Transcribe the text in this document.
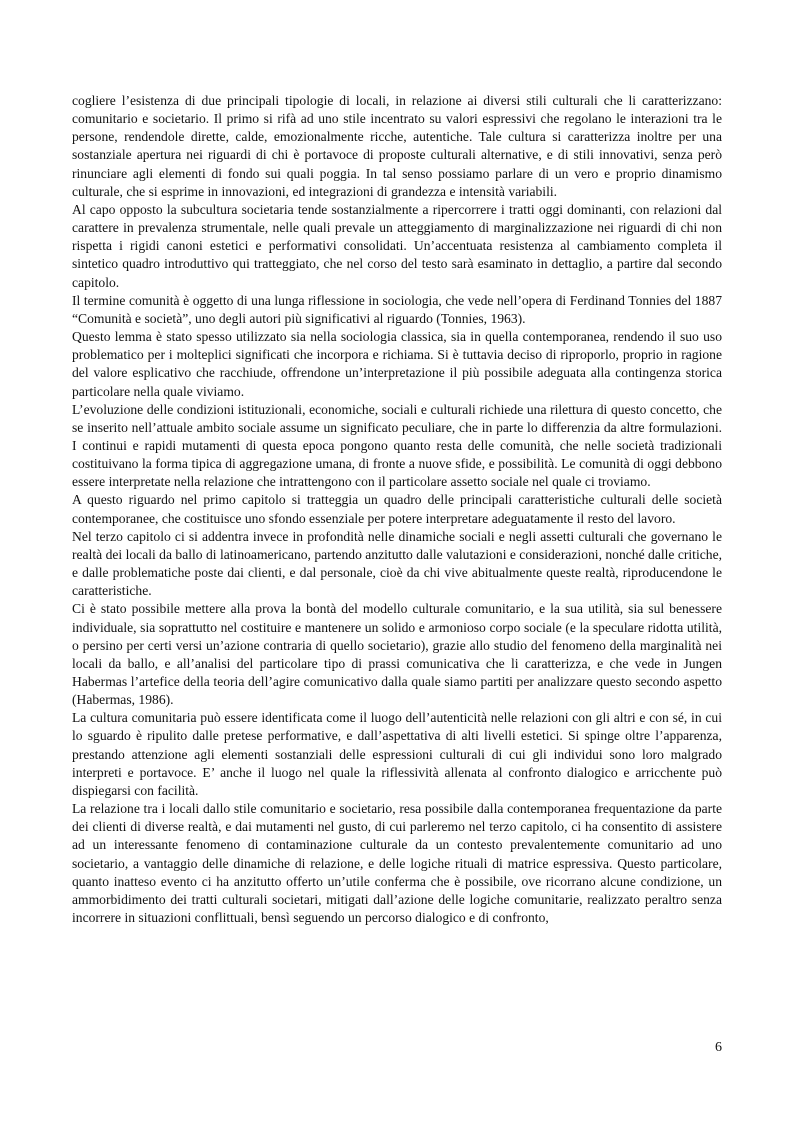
cogliere l’esistenza di due principali tipologie di locali, in relazione ai diversi stili culturali che li caratterizzano: comunitario e societario. Il primo si rifà ad uno stile incentrato su valori espressivi che regolano le interazioni tra le persone, rendendole dirette, calde, emozionalmente ricche, autentiche. Tale cultura si caratterizza inoltre per una sostanziale apertura nei riguardi di chi è portavoce di proposte culturali alternative, e di stili innovativi, senza però rinunciare agli elementi di fondo sui quali poggia. In tal senso possiamo parlare di un vero e proprio dinamismo culturale, che si esprime in innovazioni, ed integrazioni di grandezza e intensità variabili.

Al capo opposto la subcultura societaria tende sostanzialmente a ripercorrere i tratti oggi dominanti, con relazioni dal carattere in prevalenza strumentale, nelle quali prevale un atteggiamento di marginalizzazione nei riguardi di chi non rispetta i rigidi canoni estetici e performativi consolidati. Un’accentuata resistenza al cambiamento completa il sintetico quadro introduttivo qui tratteggiato, che nel corso del testo sarà esaminato in dettaglio, a partire dal secondo capitolo.

Il termine comunità è oggetto di una lunga riflessione in sociologia, che vede nell’opera di Ferdinand Tonnies del 1887 “Comunità e società”, uno degli autori più significativi al riguardo (Tonnies, 1963).

Questo lemma è stato spesso utilizzato sia nella sociologia classica, sia in quella contemporanea, rendendo il suo uso problematico per i molteplici significati che incorpora e richiama. Si è tuttavia deciso di riproporlo, proprio in ragione del valore esplicativo che racchiude, offrendone un’interpretazione il più possibile adeguata alla contingenza storica particolare nella quale viviamo.

L’evoluzione delle condizioni istituzionali, economiche, sociali e culturali richiede una rilettura di questo concetto, che se inserito nell’attuale ambito sociale assume un significato peculiare, che in parte lo differenzia da altre formulazioni. I continui e rapidi mutamenti di questa epoca pongono quanto resta delle comunità, che nelle società tradizionali costituivano la forma tipica di aggregazione umana, di fronte a nuove sfide, e possibilità. Le comunità di oggi debbono essere interpretate nella relazione che intrattengono con il particolare assetto sociale nel quale ci troviamo.

A questo riguardo nel primo capitolo si tratteggia un quadro delle principali caratteristiche culturali delle società contemporanee, che costituisce uno sfondo essenziale per potere interpretare adeguatamente il resto del lavoro.

Nel terzo capitolo ci si addentra invece in profondità nelle dinamiche sociali e negli assetti culturali che governano le realtà dei locali da ballo di latinoamericano, partendo anzitutto dalle valutazioni e considerazioni, nonché dalle critiche, e dalle problematiche poste dai clienti, e dal personale, cioè da chi vive abitualmente queste realtà, riproducendone le caratteristiche.

Ci è stato possibile mettere alla prova la bontà del modello culturale comunitario, e la sua utilità, sia sul benessere individuale, sia soprattutto nel costituire e mantenere un solido e armonioso corpo sociale (e la speculare ridotta utilità, o persino per certi versi un’azione contraria di quello societario), grazie allo studio del fenomeno della marginalità nei locali da ballo, e all’analisi del particolare tipo di prassi comunicativa che li caratterizza, e che vede in Jungen Habermas l’artefice della teoria dell’agire comunicativo dalla quale siamo partiti per analizzare questo secondo aspetto (Habermas, 1986).

La cultura comunitaria può essere identificata come il luogo dell’autenticità nelle relazioni con gli altri e con sé, in cui lo sguardo è ripulito dalle pretese performative, e dall’aspettativa di alti livelli estetici. Si spinge oltre l’apparenza, prestando attenzione agli elementi sostanziali delle espressioni culturali di cui gli individui sono loro malgrado interpreti e portavoce. E’ anche il luogo nel quale la riflessività allenata al confronto dialogico e arricchente può dispiegarsi con facilità.

La relazione tra i locali dallo stile comunitario e societario, resa possibile dalla contemporanea frequentazione da parte dei clienti di diverse realtà, e dai mutamenti nel gusto, di cui parleremo nel terzo capitolo, ci ha consentito di assistere ad un interessante fenomeno di contaminazione culturale da un contesto prevalentemente comunitario ad uno societario, a vantaggio delle dinamiche di relazione, e delle logiche rituali di matrice espressiva. Questo particolare, quanto inatteso evento ci ha anzitutto offerto un’utile conferma che è possibile, ove ricorrano alcune condizione, un ammorbidimento dei tratti culturali societari, mitigati dall’azione delle logiche comunitarie, realizzato peraltro senza incorrere in situazioni conflittuali, bensì seguendo un percorso dialogico e di confronto,

6
